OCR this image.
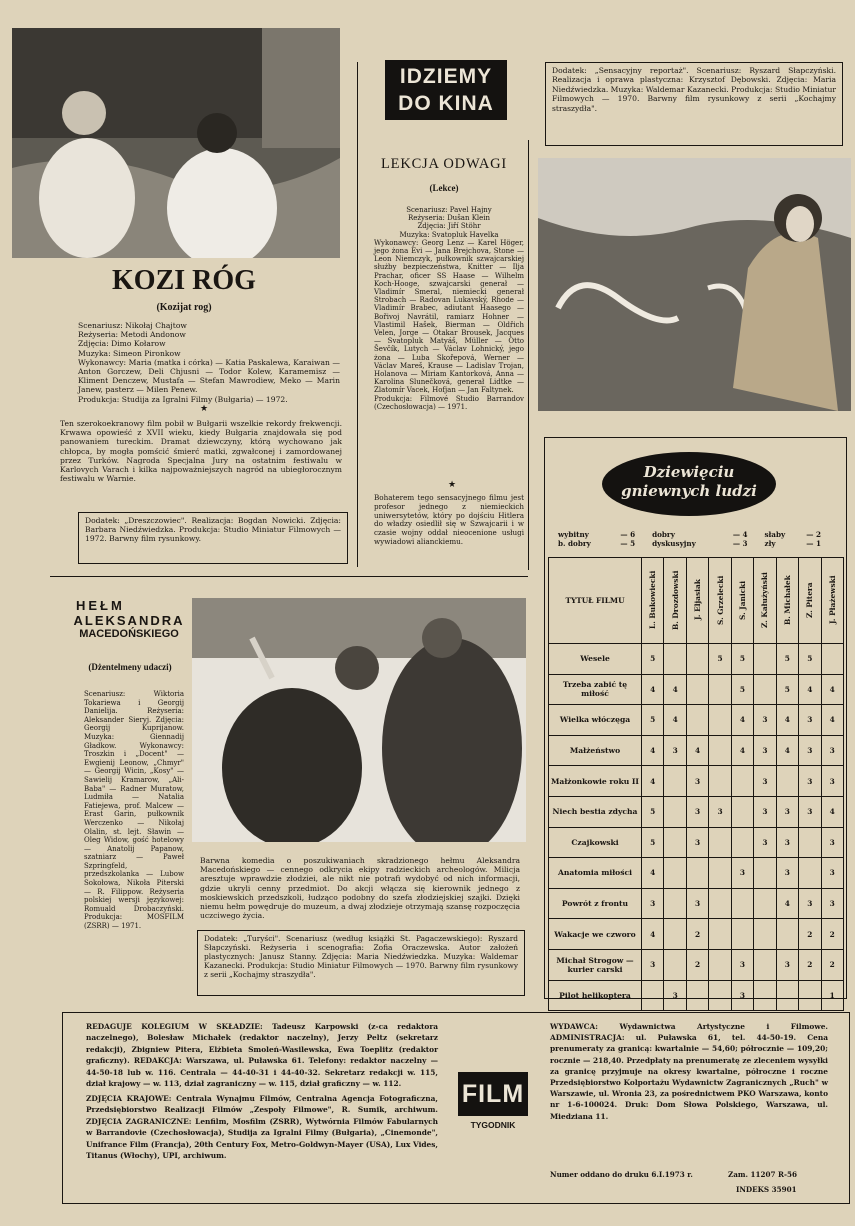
IDZIEMY
DO KINA

Dodatek: „Sensacyjny reportaż". Scenariusz: Ryszard Słapczyński. Realizacja i oprawa plastyczna: Krzysztof Dębowski. Zdjęcia: Maria Niedźwiedzka. Muzyka: Waldemar Kazanecki. Produkcja: Studio Miniatur Filmowych — 1970. Barwny film rysunkowy z serii „Kochajmy straszydła".

KOZI RÓG
(Kozijat rog)

Scenariusz: Nikołaj Chajtow

Reżyseria: Metodi Andonow

Zdjęcia: Dimo Kołarow

Muzyka: Simeon Pironkow

Wykonawcy: Maria (matka i córka) — Katia Paskalewa, Karaiwan — Anton Gorczew, Deli Chjusni — Todor Kolew, Karamemisz — Kliment Denczew, Mustafa — Stefan Mawrodiew, Meko — Marin Janew, pasterz — Milen Penew.

Produkcja: Studija za Igralni Filmy (Bułgaria) — 1972.

★
Ten szerokoekranowy film pobił w Bułgarii wszelkie rekordy frekwencji. Krwawa opowieść z XVII wieku, kiedy Bułgaria znajdowała się pod panowaniem tureckim. Dramat dziewczyny, którą wychowano jak chłopca, by mogła pomścić śmierć matki, zgwałconej i zamordowanej przez Turków. Nagroda Specjalna Jury na ostatnim festiwalu w Karlovych Varach i kilka najpoważniejszych nagród na ubiegłorocznym festiwalu w Warnie.

Dodatek: „Dreszczowiec". Realizacja: Bogdan Nowicki. Zdjęcia: Barbara Niedźwiedzka. Produkcja: Studio Miniatur Filmowych — 1972. Barwny film rysunkowy.

LEKCJA ODWAGI
(Lekce)

Scenariusz: Pavel Hajny

Reżyseria: Dušan Klein

Zdjęcia: Jiří Stöhr

Muzyka: Svatopluk Havelka

Wykonawcy: Georg Lenz — Karel Höger, jego żona Evi — Jana Brejchova, Stone — Leon Niemczyk, pułkownik szwajcarskiej służby bezpieczeństwa, Knitter — Ilja Prachar, oficer SS Haase — Wilhelm Koch-Hooge, szwajcarski generał — Vladimír Smeral, niemiecki generał Strobach — Radovan Lukavský, Rhode — Vladimír Brabec, adiutant Haasego — Bořivoj Navrátil, ramiarz Hohner — Vlastimil Hašek, Bierman — Oldřich Velen, Jorge — Otakar Brousek, Jacques — Svatopluk Matyáš, Müller — Otto Ševčík, Lutych — Václav Lohnický, jego żona — Luba Skořepová, Werner — Václav Mareš, Krause — Ladislav Trojan, Holanova — Miriam Kantorková, Anna — Karolina Slunečková, generał Lidtke — Zlatomír Vacek, Hofjan — Jan Faltynek.

Produkcja: Filmové Studio Barrandov (Czechosłowacja) — 1971.

★
Bohaterem tego sensacyjnego filmu jest profesor jednego z niemieckich uniwersytetów, który po dojściu Hitlera do władzy osiedlił się w Szwajcarii i w czasie wojny oddał nieocenione usługi wywiadowi alianckiemu.
HEŁM
ALEKSANDRA
MACEDOŃSKIEGO
(Dżentelmeny udaczi)
Scenariusz: Wiktoria Tokariewa i Georgij Danielija. Reżyseria: Aleksander Sieryj. Zdjęcia: Georgij Kuprijanow. Muzyka: Giennadij Gładkow. Wykonawcy: Troszkin i „Docent" — Ewgienij Leonow, „Chmyr" — Georgij Wicin, „Kosy" — Sawielij Kramarow, „Ali-Baba" — Radner Muratow, Ludmiła — Natalia Fatiejewa, prof. Malcew — Erast Garin, pułkownik Werczenko — Nikołaj Olalin, st. lejt. Sławin — Oleg Widow, gość hotelowy — Anatolij Papanow, szatniarz — Paweł Szpringfeld, przedszkolanka — Lubow Sokołowa, Nikoła Piterski — R. Filippow. Reżyseria polskiej wersji językowej: Romuald Drobaczyński. Produkcja: MOSFILM (ZSRR) — 1971.
Barwna komedia o poszukiwaniach skradzionego hełmu Aleksandra Macedońskiego — cennego odkrycia ekipy radzieckich archeologów. Milicja aresztuje wprawdzie złodziei, ale nikt nie potrafi wydobyć od nich informacji, gdzie ukryli cenny przedmiot. Do akcji włącza się kierownik jednego z moskiewskich przedszkoli, łudząco podobny do szefa złodziejskiej szajki. Dzięki niemu hełm powędruje do muzeum, a dwaj złodzieje otrzymają szansę rozpoczęcia uczciwego życia.

Dodatek: „Turyści". Scenariusz (według książki St. Pagaczewskiego): Ryszard Słapczyński. Reżyseria i scenografia: Zofia Oraczewska. Autor założeń plastycznych: Janusz Stanny. Zdjęcia: Maria Niedźwiedzka. Muzyka: Waldemar Kazanecki. Produkcja: Studio Miniatur Filmowych — 1970. Barwny film rysunkowy z serii „Kochajmy straszydła".

Dziewięciu
gniewnych ludzi
wybitny	— 6	dobry	— 4	słaby	— 2
b. dobry	— 5	dyskusyjny	— 3	zły	— 1
TYTUŁ FILMU	L. Bukowiecki	B. Drozdowski	J. Eljasiak	S. Grzelecki	S. Janicki	Z. Kałużyński	B. Michałek	Z. Pitera	J. Płażewski
Wesele	5			5	5		5	5	
Trzeba zabić tę miłość	4	4			5		5	4	4
Wielka włóczęga	5	4			4	3	4	3	4
Małżeństwo	4	3	4		4	3	4	3	3
Małżonkowie roku II	4		3			3		3	3
Niech bestia zdycha	5		3	3		3	3	3	4
Czajkowski	5		3			3	3		3
Anatomia miłości	4				3		3		3
Powrót z frontu	3		3				4	3	3
Wakacje we czworo	4		2					2	2
Michał Strogow — kurier carski	3		2		3		3	2	2
Pilot helikoptera		3			3				1
REDAGUJE KOLEGIUM W SKŁADZIE: Tadeusz Karpowski (z-ca redaktora naczelnego), Bolesław Michałek (redaktor naczelny), Jerzy Peltz (sekretarz redakcji), Zbigniew Pitera, Elżbieta Smoleń-Wasilewska, Ewa Toeplitz (redaktor graficzny). REDAKCJA: Warszawa, ul. Puławska 61. Telefony: redaktor naczelny — 44-50-18 lub w. 116. Centrala — 44-40-31 i 44-40-32. Sekretarz redakcji w. 115, dział krajowy — w. 113, dział zagraniczny — w. 115, dział graficzny — w. 112.
ZDJĘCIA KRAJOWE: Centrala Wynajmu Filmów, Centralna Agencja Fotograficzna, Przedsiębiorstwo Realizacji Filmów „Zespoły Filmowe", R. Sumik, archiwum. ZDJĘCIA ZAGRANICZNE: Lenfilm, Mosfilm (ZSRR), Wytwórnia Filmów Fabularnych w Barrandovie (Czechosłowacja), Studija za Igralni Filmy (Bułgaria), „Cinemonde", Unifrance Film (Francja), 20th Century Fox, Metro-Goldwyn-Mayer (USA), Lux Vides, Titanus (Włochy), UPI, archiwum.
FILM
TYGODNIK
WYDAWCA: Wydawnictwa Artystyczne i Filmowe. ADMINISTRACJA: ul. Puławska 61, tel. 44-50-19. Cena prenumeraty za granicą: kwartalnie — 54,60; półrocznie — 109,20; rocznie — 218,40. Przedpłaty na prenumeratę ze zleceniem wysyłki za granicę przyjmuje na okresy kwartalne, półroczne i roczne Przedsiębiorstwo Kolportażu Wydawnictw Zagranicznych „Ruch" w Warszawie, ul. Wronia 23, za pośrednictwem PKO Warszawa, konto nr 1-6-100024. Druk: Dom Słowa Polskiego, Warszawa, ul. Miedziana 11.
Numer oddano do druku 6.I.1973 r.	Zam. 11207 R-56
INDEKS 35901
